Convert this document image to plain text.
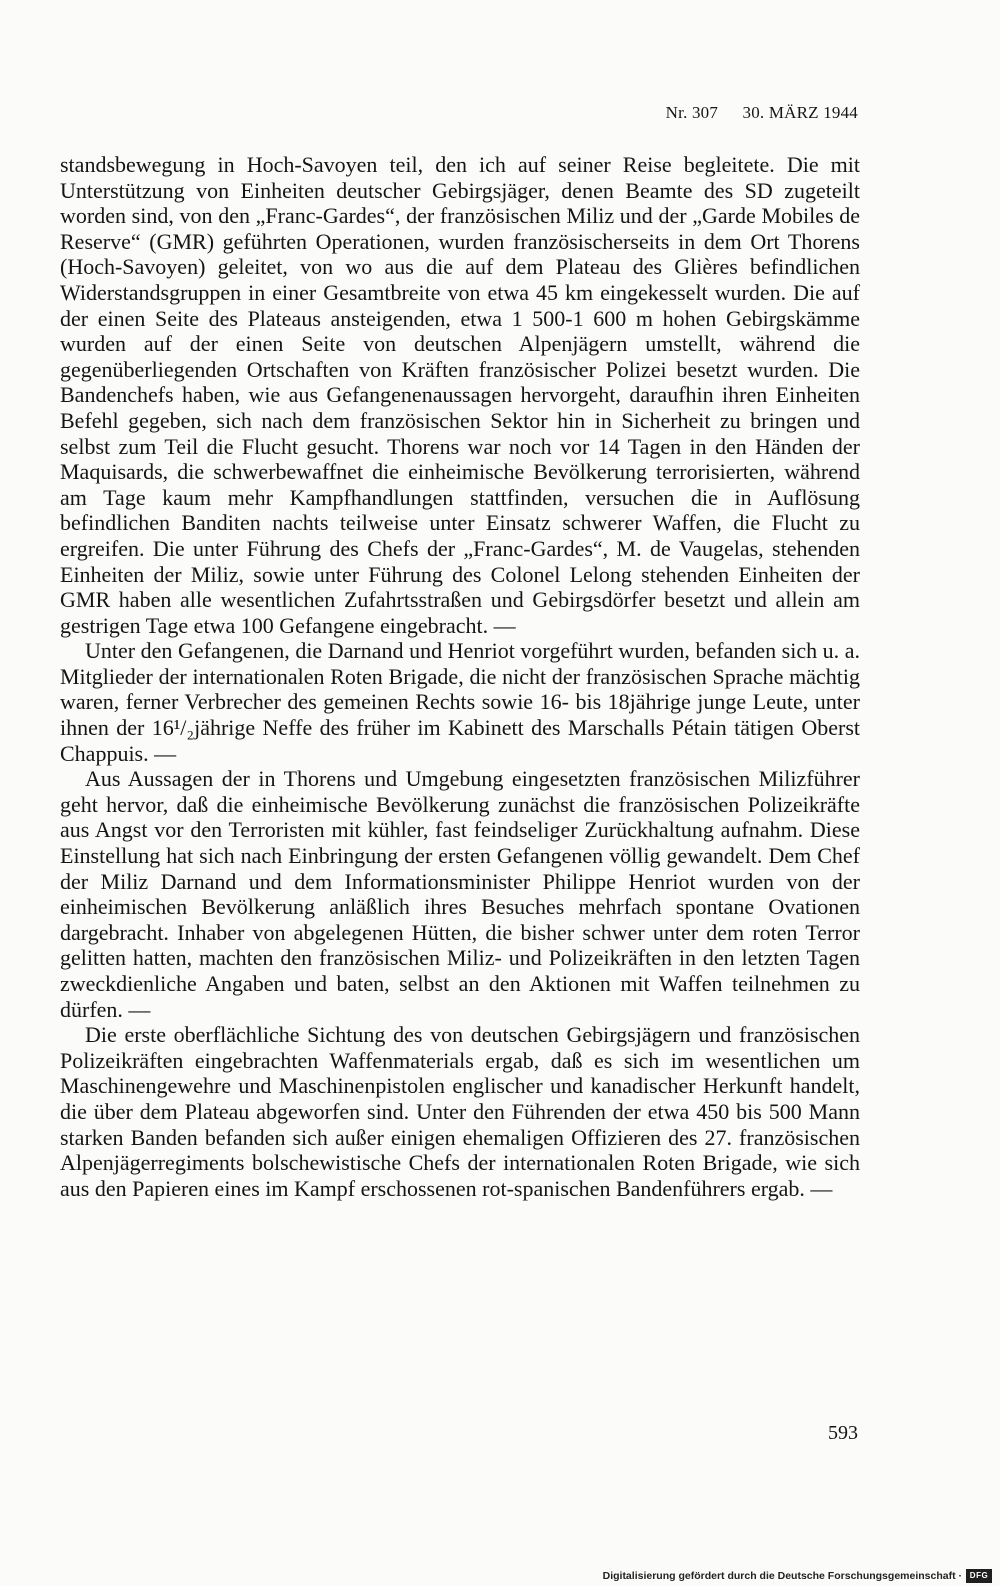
Nr. 307 30. MÄRZ 1944

standsbewegung in Hoch-Savoyen teil, den ich auf seiner Reise begleitete. Die mit Unterstützung von Einheiten deutscher Gebirgsjäger, denen Beamte des SD zugeteilt worden sind, von den „Franc-Gardes“, der französischen Miliz und der „Garde Mobiles de Reserve“ (GMR) geführten Operationen, wurden französischerseits in dem Ort Thorens (Hoch-Savoyen) geleitet, von wo aus die auf dem Plateau des Glières befindlichen Widerstandsgruppen in einer Gesamtbreite von etwa 45 km eingekesselt wurden. Die auf der einen Seite des Plateaus ansteigenden, etwa 1 500-1 600 m hohen Gebirgskämme wurden auf der einen Seite von deutschen Alpenjägern umstellt, während die gegenüberliegenden Ortschaften von Kräften französischer Polizei besetzt wurden. Die Bandenchefs haben, wie aus Gefangenenaussagen hervorgeht, daraufhin ihren Einheiten Befehl gegeben, sich nach dem französischen Sektor hin in Sicherheit zu bringen und selbst zum Teil die Flucht gesucht. Thorens war noch vor 14 Tagen in den Händen der Maquisards, die schwerbewaffnet die einheimische Bevölkerung terrorisierten, während am Tage kaum mehr Kampfhandlungen stattfinden, versuchen die in Auflösung befindlichen Banditen nachts teilweise unter Einsatz schwerer Waffen, die Flucht zu ergreifen. Die unter Führung des Chefs der „Franc-Gardes“, M. de Vaugelas, stehenden Einheiten der Miliz, sowie unter Führung des Colonel Lelong stehenden Einheiten der GMR haben alle wesentlichen Zufahrtsstraßen und Gebirgsdörfer besetzt und allein am gestrigen Tage etwa 100 Gefangene eingebracht. —

Unter den Gefangenen, die Darnand und Henriot vorgeführt wurden, befanden sich u. a. Mitglieder der internationalen Roten Brigade, die nicht der französischen Sprache mächtig waren, ferner Verbrecher des gemeinen Rechts sowie 16- bis 18jährige junge Leute, unter ihnen der 16¹/₂jährige Neffe des früher im Kabinett des Marschalls Pétain tätigen Oberst Chappuis. —

Aus Aussagen der in Thorens und Umgebung eingesetzten französischen Milizführer geht hervor, daß die einheimische Bevölkerung zunächst die französischen Polizeikräfte aus Angst vor den Terroristen mit kühler, fast feindseliger Zurückhaltung aufnahm. Diese Einstellung hat sich nach Einbringung der ersten Gefangenen völlig gewandelt. Dem Chef der Miliz Darnand und dem Informationsminister Philippe Henriot wurden von der einheimischen Bevölkerung anläßlich ihres Besuches mehrfach spontane Ovationen dargebracht. Inhaber von abgelegenen Hütten, die bisher schwer unter dem roten Terror gelitten hatten, machten den französischen Miliz- und Polizeikräften in den letzten Tagen zweckdienliche Angaben und baten, selbst an den Aktionen mit Waffen teilnehmen zu dürfen. —

Die erste oberflächliche Sichtung des von deutschen Gebirgsjägern und französischen Polizeikräften eingebrachten Waffenmaterials ergab, daß es sich im wesentlichen um Maschinengewehre und Maschinenpistolen englischer und kanadischer Herkunft handelt, die über dem Plateau abgeworfen sind. Unter den Führenden der etwa 450 bis 500 Mann starken Banden befanden sich außer einigen ehemaligen Offizieren des 27. französischen Alpenjägerregiments bolschewistische Chefs der internationalen Roten Brigade, wie sich aus den Papieren eines im Kampf erschossenen rot-spanischen Bandenführers ergab. —

593
Digitalisierung gefördert durch die Deutsche Forschungsgemeinschaft · DFG
